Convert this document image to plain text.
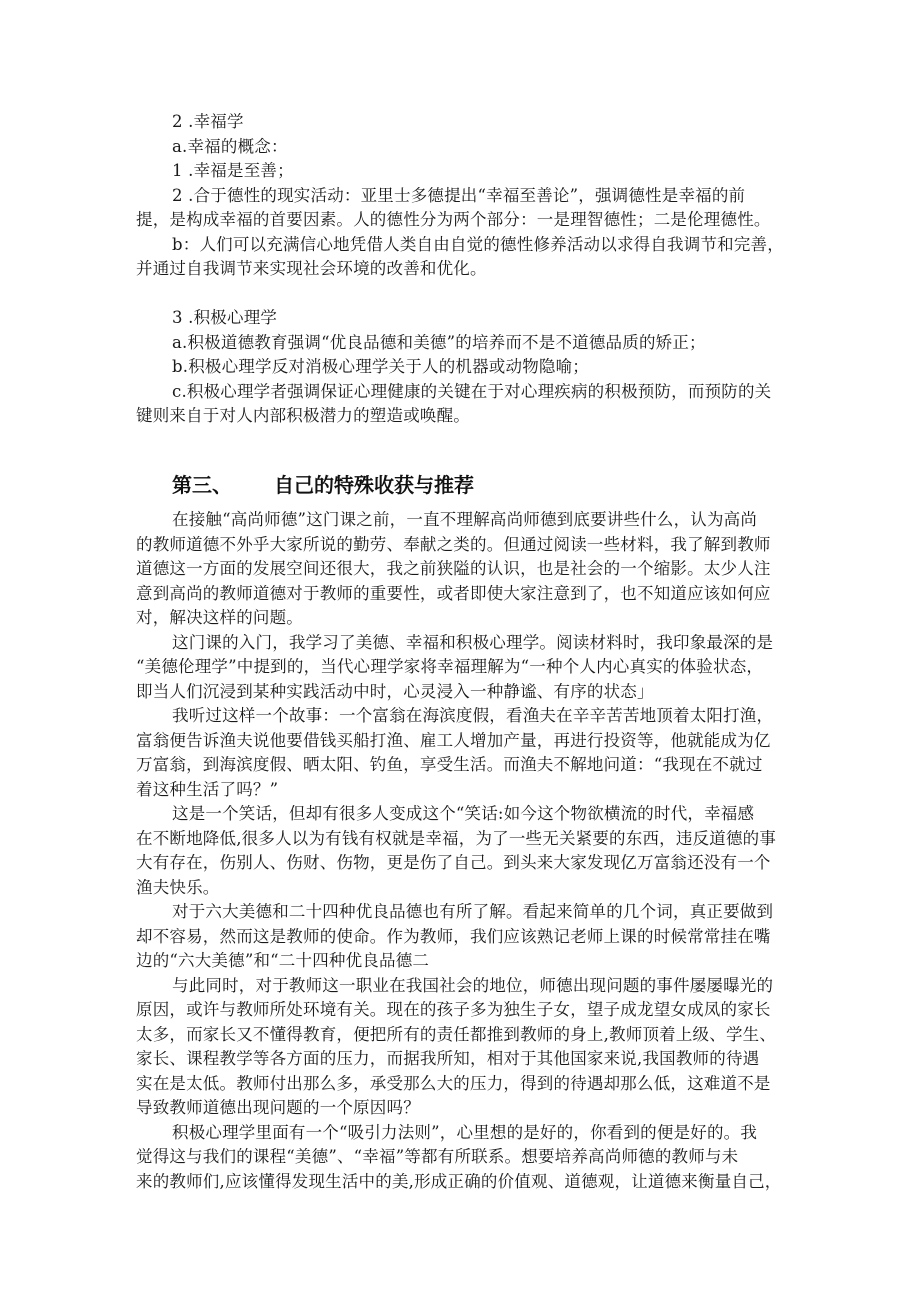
2 .幸福学

a.幸福的概念：

1 .幸福是至善；

2 .合于德性的现实活动：亚里士多德提出“幸福至善论”，强调德性是幸福的前

提，是构成幸福的首要因素。人的德性分为两个部分：一是理智德性；二是伦理德性。

b：人们可以充满信心地凭借人类自由自觉的德性修养活动以求得自我调节和完善，

并通过自我调节来实现社会环境的改善和优化。

3 .积极心理学

a.积极道德教育强调“优良品德和美德”的培养而不是不道德品质的矫正；

b.积极心理学反对消极心理学关于人的机器或动物隐喻；

c.积极心理学者强调保证心理健康的关键在于对心理疾病的积极预防，而预防的关

键则来自于对人内部积极潜力的塑造或唤醒。

第三、 自己的特殊收获与推荐

在接触“高尚师德”这门课之前，一直不理解高尚师德到底要讲些什么，认为高尚

的教师道德不外乎大家所说的勤劳、奉献之类的。但通过阅读一些材料，我了解到教师

道德这一方面的发展空间还很大，我之前狭隘的认识，也是社会的一个缩影。太少人注

意到高尚的教师道德对于教师的重要性，或者即使大家注意到了，也不知道应该如何应

对，解决这样的问题。

这门课的入门，我学习了美德、幸福和积极心理学。阅读材料时，我印象最深的是

“美德伦理学”中提到的，当代心理学家将幸福理解为“一种个人内心真实的体验状态，

即当人们沉浸到某种实践活动中时，心灵浸入一种静谧、有序的状态」

我听过这样一个故事：一个富翁在海滨度假，看渔夫在辛辛苦苦地顶着太阳打渔，

富翁便告诉渔夫说他要借钱买船打渔、雇工人增加产量，再进行投资等，他就能成为亿

万富翁，到海滨度假、晒太阳、钓鱼，享受生活。而渔夫不解地问道：“我现在不就过

着这种生活了吗？”

这是一个笑话，但却有很多人变成这个“笑话:如今这个物欲横流的时代，幸福感

在不断地降低,很多人以为有钱有权就是幸福，为了一些无关紧要的东西，违反道德的事

大有存在，伤别人、伤财、伤物，更是伤了自己。到头来大家发现亿万富翁还没有一个

渔夫快乐。

对于六大美德和二十四种优良品德也有所了解。看起来简单的几个词，真正要做到

却不容易，然而这是教师的使命。作为教师，我们应该熟记老师上课的时候常常挂在嘴

边的“六大美德”和“二十四种优良品德二

与此同时，对于教师这一职业在我国社会的地位，师德出现问题的事件屡屡曝光的

原因，或许与教师所处环境有关。现在的孩子多为独生子女，望子成龙望女成凤的家长

太多，而家长又不懂得教育，便把所有的责任都推到教师的身上,教师顶着上级、学生、

家长、课程教学等各方面的压力，而据我所知，相对于其他国家来说,我国教师的待遇

实在是太低。教师付出那么多，承受那么大的压力，得到的待遇却那么低，这难道不是

导致教师道德出现问题的一个原因吗？

积极心理学里面有一个“吸引力法则”，心里想的是好的，你看到的便是好的。我

觉得这与我们的课程“美德”、“幸福”等都有所联系。想要培养高尚师德的教师与未

来的教师们,应该懂得发现生活中的美,形成正确的价值观、道德观，让道德来衡量自己，
